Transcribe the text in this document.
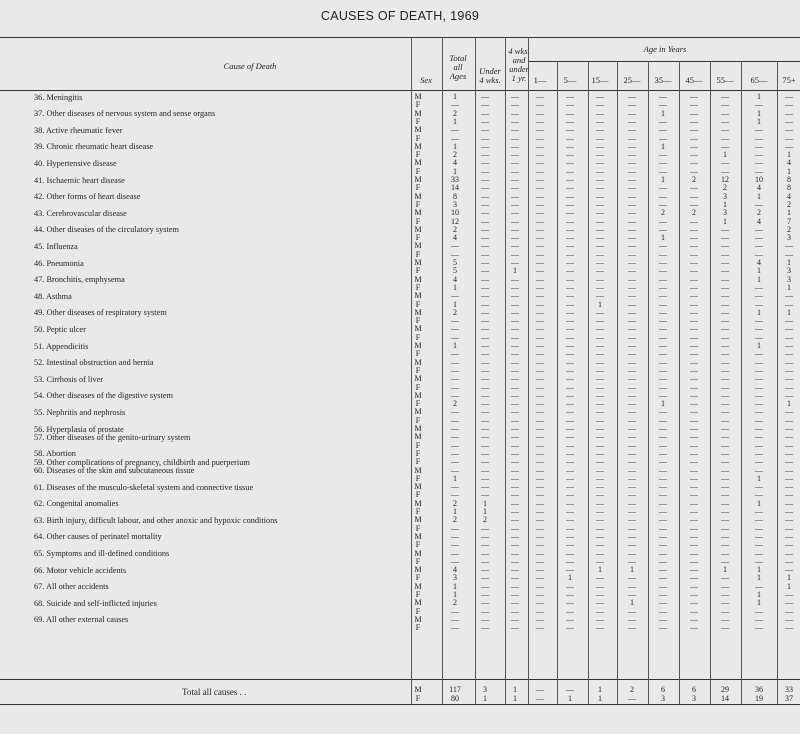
CAUSES OF DEATH, 1969
Cause of Death
Sex
Total
all
Ages	Under
4 wks.
4 wks.
and
under
1 yr.
Age in Years
1—	5—	15—	25—	35—	45—	55—	65—	75+
36. Meningitis	M	1	—	—	—	—	—	—	—	—	—	1	—
F	—	—	—	—	—	—	—	—	—	—	—	—
37. Other diseases of nervous system and sense organs	M	2	—	—	—	—	—	—	1	—	—	1	—
F	1	—	—	—	—	—	—	—	—	—	1	—
38. Active rheumatic fever	M	—	—	—	—	—	—	—	—	—	—	—	—
F	—	—	—	—	—	—	—	—	—	—	—	—
39. Chronic rheumatic heart disease	M	1	—	—	—	—	—	—	1	—	—	—	—
F	2	—	—	—	—	—	—	—	—	1	—	1
40. Hypertensive disease	M	4	—	—	—	—	—	—	—	—	—	—	4
F	1	—	—	—	—	—	—	—	—	—	—	1
41. Ischaemic heart disease	M	33	—	—	—	—	—	—	1	2	12	10	8
F	14	—	—	—	—	—	—	—	—	2	4	8
42. Other forms of heart disease	M	8	—	—	—	—	—	—	—	—	3	1	4
F	3	—	—	—	—	—	—	—	—	1	—	2
43. Cerebrovascular disease	M	10	—	—	—	—	—	—	2	2	3	2	1
F	12	—	—	—	—	—	—	—	—	1	4	7
44. Other diseases of the circulatory system	M	2	—	—	—	—	—	—	—	—	—	—	2
F	4	—	—	—	—	—	—	1	—	—	—	3
45. Influenza	M	—	—	—	—	—	—	—	—	—	—	—	—
F	—	—	—	—	—	—	—	—	—	—	—	—
46. Pneumonia	M	5	—	—	—	—	—	—	—	—	—	4	1
F	5	—	1	—	—	—	—	—	—	—	1	3
47. Bronchitis, emphysema	M	4	—	—	—	—	—	—	—	—	—	1	3
F	1	—	—	—	—	—	—	—	—	—	—	1
48. Asthma	M	—	—	—	—	—	—	—	—	—	—	—	—
F	1	—	—	—	—	1	—	—	—	—	—	—
49. Other diseases of respiratory system	M	2	—	—	—	—	—	—	—	—	—	1	1
F	—	—	—	—	—	—	—	—	—	—	—	—
50. Peptic ulcer	M	—	—	—	—	—	—	—	—	—	—	—	—
F	—	—	—	—	—	—	—	—	—	—	—	—
51. Appendicitis	M	1	—	—	—	—	—	—	—	—	—	1	—
F	—	—	—	—	—	—	—	—	—	—	—	—
52. Intestinal obstruction and hernia	M	—	—	—	—	—	—	—	—	—	—	—	—
F	—	—	—	—	—	—	—	—	—	—	—	—
53. Cirrhosis of liver	M	—	—	—	—	—	—	—	—	—	—	—	—
F	—	—	—	—	—	—	—	—	—	—	—	—
54. Other diseases of the digestive system	M	—	—	—	—	—	—	—	—	—	—	—	—
F	2	—	—	—	—	—	—	1	—	—	—	1
55. Nephritis and nephrosis	M	—	—	—	—	—	—	—	—	—	—	—	—
F	—	—	—	—	—	—	—	—	—	—	—	—
56. Hyperplasia of prostate	M	—	—	—	—	—	—	—	—	—	—	—	—
57. Other diseases of the genito-urinary system	M	—	—	—	—	—	—	—	—	—	—	—	—
F	—	—	—	—	—	—	—	—	—	—	—	—
58. Abortion	F	—	—	—	—	—	—	—	—	—	—	—	—
59. Other complications of pregnancy, childbirth and puerperium	F	—	—	—	—	—	—	—	—	—	—	—	—
60. Diseases of the skin and subcutaneous tissue	M	—	—	—	—	—	—	—	—	—	—	—	—
F	1	—	—	—	—	—	—	—	—	—	1	—
61. Diseases of the musculo-skeletal system and connective tissue	M	—	—	—	—	—	—	—	—	—	—	—	—
F	—	—	—	—	—	—	—	—	—	—	—	—
62. Congenital anomalies	M	2	1	—	—	—	—	—	—	—	—	1	—
F	1	1	—	—	—	—	—	—	—	—	—	—
63. Birth injury, difficult labour, and other anoxic and hypoxic conditions	M	2	2	—	—	—	—	—	—	—	—	—	—
F	—	—	—	—	—	—	—	—	—	—	—	—
64. Other causes of perinatel mortality	M	—	—	—	—	—	—	—	—	—	—	—	—
F	—	—	—	—	—	—	—	—	—	—	—	—
65. Symptoms and ill-defined conditions	M	—	—	—	—	—	—	—	—	—	—	—	—
F	—	—	—	—	—	—	—	—	—	—	—	—
66. Motor vehicle accidents	M	4	—	—	—	—	1	1	—	—	1	1	—
F	3	—	—	—	1	—	—	—	—	—	1	1
67. All other accidents	M	1	—	—	—	—	—	—	—	—	—	—	1
F	1	—	—	—	—	—	—	—	—	—	1	—
68. Suicide and self-inflicted injuries	M	2	—	—	—	—	—	1	—	—	—	1	—
F	—	—	—	—	—	—	—	—	—	—	—	—
69. All other external causes	M	—	—	—	—	—	—	—	—	—	—	—	—
F	—	—	—	—	—	—	—	—	—	—	—	—
Total all causes . .	M	117	3	1	—	—	1	2	6	6	29	36	33
F	80	1	1	—	1	1	—	3	3	14	19	37
